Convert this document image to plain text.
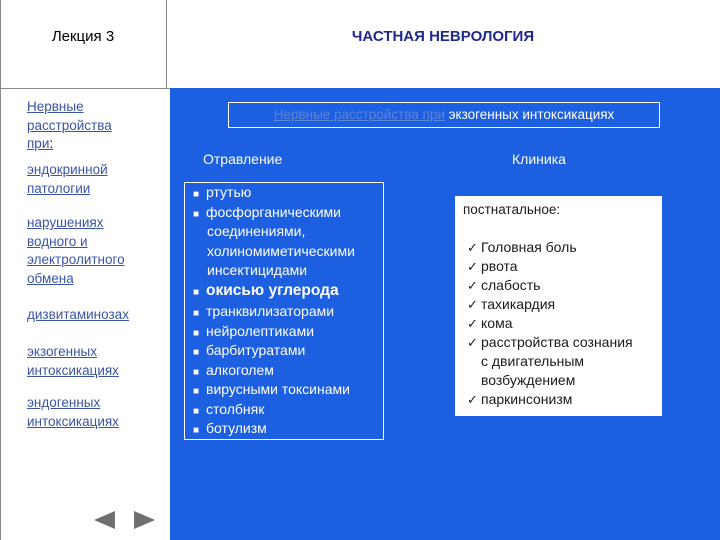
Лекция 3	ЧАСТНАЯ НЕВРОЛОГИЯ
Нервные
расстройства
при:
эндокринной
патологии
нарушениях
водного и
электролитного
обмена
дизвитаминозах
экзогенных
интоксикациях
эндогенных
интоксикациях
Нервные расстройства при экзогенных интоксикациях
Отравление	Клиника
■ ртутью
■ фосфорганическими
соединениями,
холиномиметическими
инсектицидами
■ окисью углерода
■ транквилизаторами
■ нейролептиками
■ барбитуратами
■ алкоголем
■ вирусными токсинами
■ столбняк
■ ботулизм
постнатальное:
✓ Головная боль
✓ рвота
✓ слабость
✓ тахикардия
✓ кома
✓ расстройства сознания
с двигательным
возбуждением
✓ паркинсонизм
